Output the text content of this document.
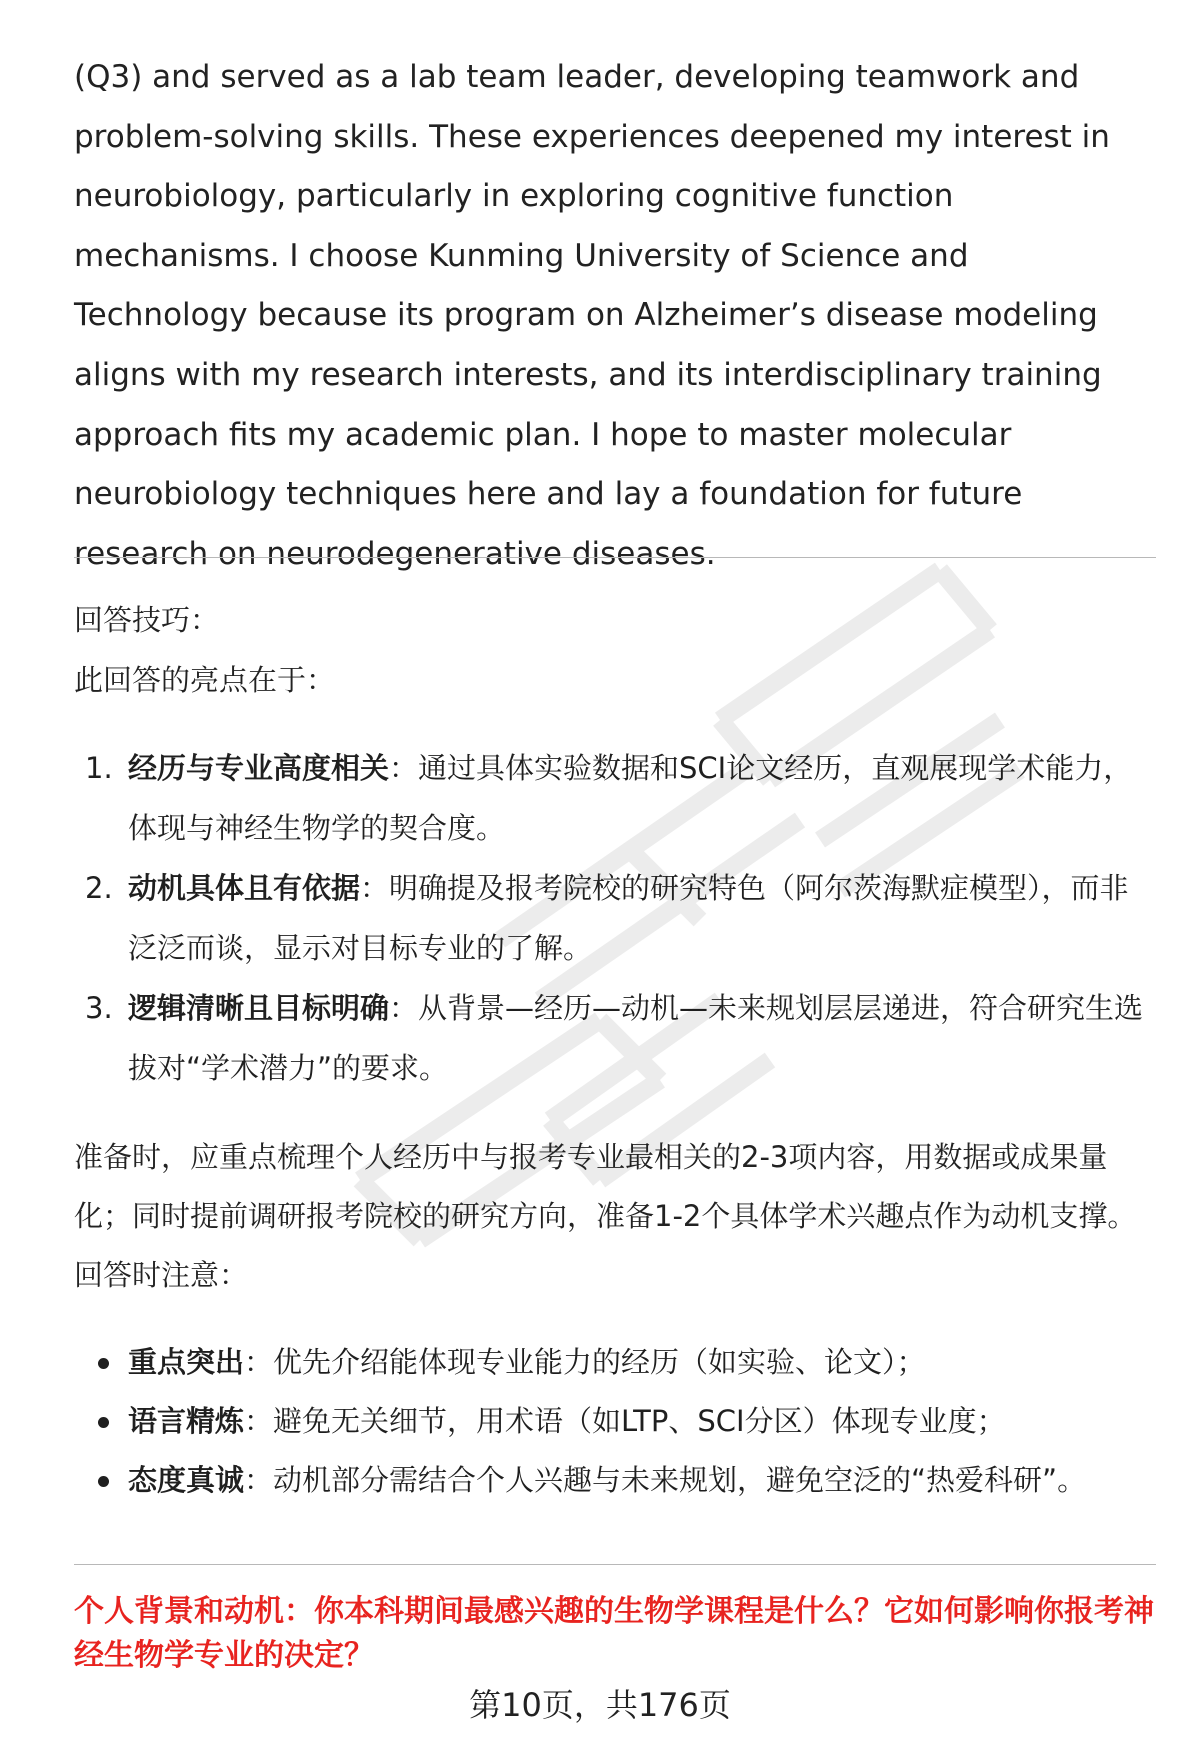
(Q3) and served as a lab team leader, developing teamwork and problem-solving skills. These experiences deepened my interest in neurobiology, particularly in exploring cognitive function mechanisms. I choose Kunming University of Science and Technology because its program on Alzheimer’s disease modeling aligns with my research interests, and its interdisciplinary training approach fits my academic plan. I hope to master molecular neurobiology techniques here and lay a foundation for future research on neurodegenerative diseases.

回答技巧：
此回答的亮点在于：
1. 经历与专业高度相关：通过具体实验数据和SCI论文经历，直观展现学术能力，体现与神经生物学的契合度。
2. 动机具体且有依据：明确提及报考院校的研究特色（阿尔茨海默症模型），而非泛泛而谈，显示对目标专业的了解。
3. 逻辑清晰且目标明确：从背景—经历—动机—未来规划层层递进，符合研究生选拔对“学术潜力”的要求。
准备时，应重点梳理个人经历中与报考专业最相关的2-3项内容，用数据或成果量化；同时提前调研报考院校的研究方向，准备1-2个具体学术兴趣点作为动机支撑。回答时注意：
重点突出：优先介绍能体现专业能力的经历（如实验、论文）；
语言精炼：避免无关细节，用术语（如LTP、SCI分区）体现专业度；
态度真诚：动机部分需结合个人兴趣与未来规划，避免空泛的“热爱科研”。
个人背景和动机：你本科期间最感兴趣的生物学课程是什么？它如何影响你报考神经生物学专业的决定？
第10页，共176页
